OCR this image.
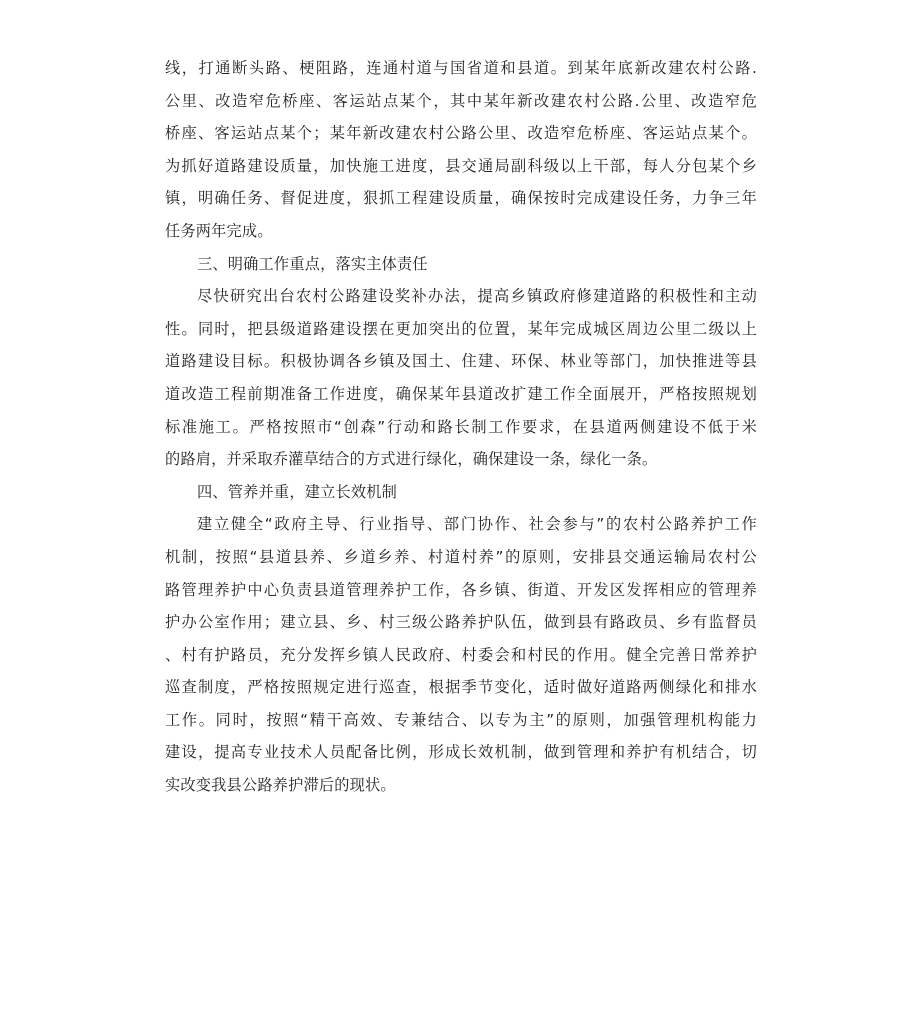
线，打通断头路、梗阻路，连通村道与国省道和县道。到某年底新改建农村公路.
公里、改造窄危桥座、客运站点某个，其中某年新改建农村公路.公里、改造窄危
桥座、客运站点某个；某年新改建农村公路公里、改造窄危桥座、客运站点某个。
为抓好道路建设质量，加快施工进度，县交通局副科级以上干部，每人分包某个乡
镇，明确任务、督促进度，狠抓工程建设质量，确保按时完成建设任务，力争三年
任务两年完成。
三、明确工作重点，落实主体责任
尽快研究出台农村公路建设奖补办法，提高乡镇政府修建道路的积极性和主动
性。同时，把县级道路建设摆在更加突出的位置，某年完成城区周边公里二级以上
道路建设目标。积极协调各乡镇及国土、住建、环保、林业等部门，加快推进等县
道改造工程前期准备工作进度，确保某年县道改扩建工作全面展开，严格按照规划
标准施工。严格按照市“创森”行动和路长制工作要求，在县道两侧建设不低于米
的路肩，并采取乔灌草结合的方式进行绿化，确保建设一条，绿化一条。
四、管养并重，建立长效机制
建立健全“政府主导、行业指导、部门协作、社会参与”的农村公路养护工作
机制，按照“县道县养、乡道乡养、村道村养”的原则，安排县交通运输局农村公
路管理养护中心负责县道管理养护工作，各乡镇、街道、开发区发挥相应的管理养
护办公室作用；建立县、乡、村三级公路养护队伍，做到县有路政员、乡有监督员
、村有护路员，充分发挥乡镇人民政府、村委会和村民的作用。健全完善日常养护
巡查制度，严格按照规定进行巡查，根据季节变化，适时做好道路两侧绿化和排水
工作。同时，按照“精干高效、专兼结合、以专为主”的原则，加强管理机构能力
建设，提高专业技术人员配备比例，形成长效机制，做到管理和养护有机结合，切
实改变我县公路养护滞后的现状。
